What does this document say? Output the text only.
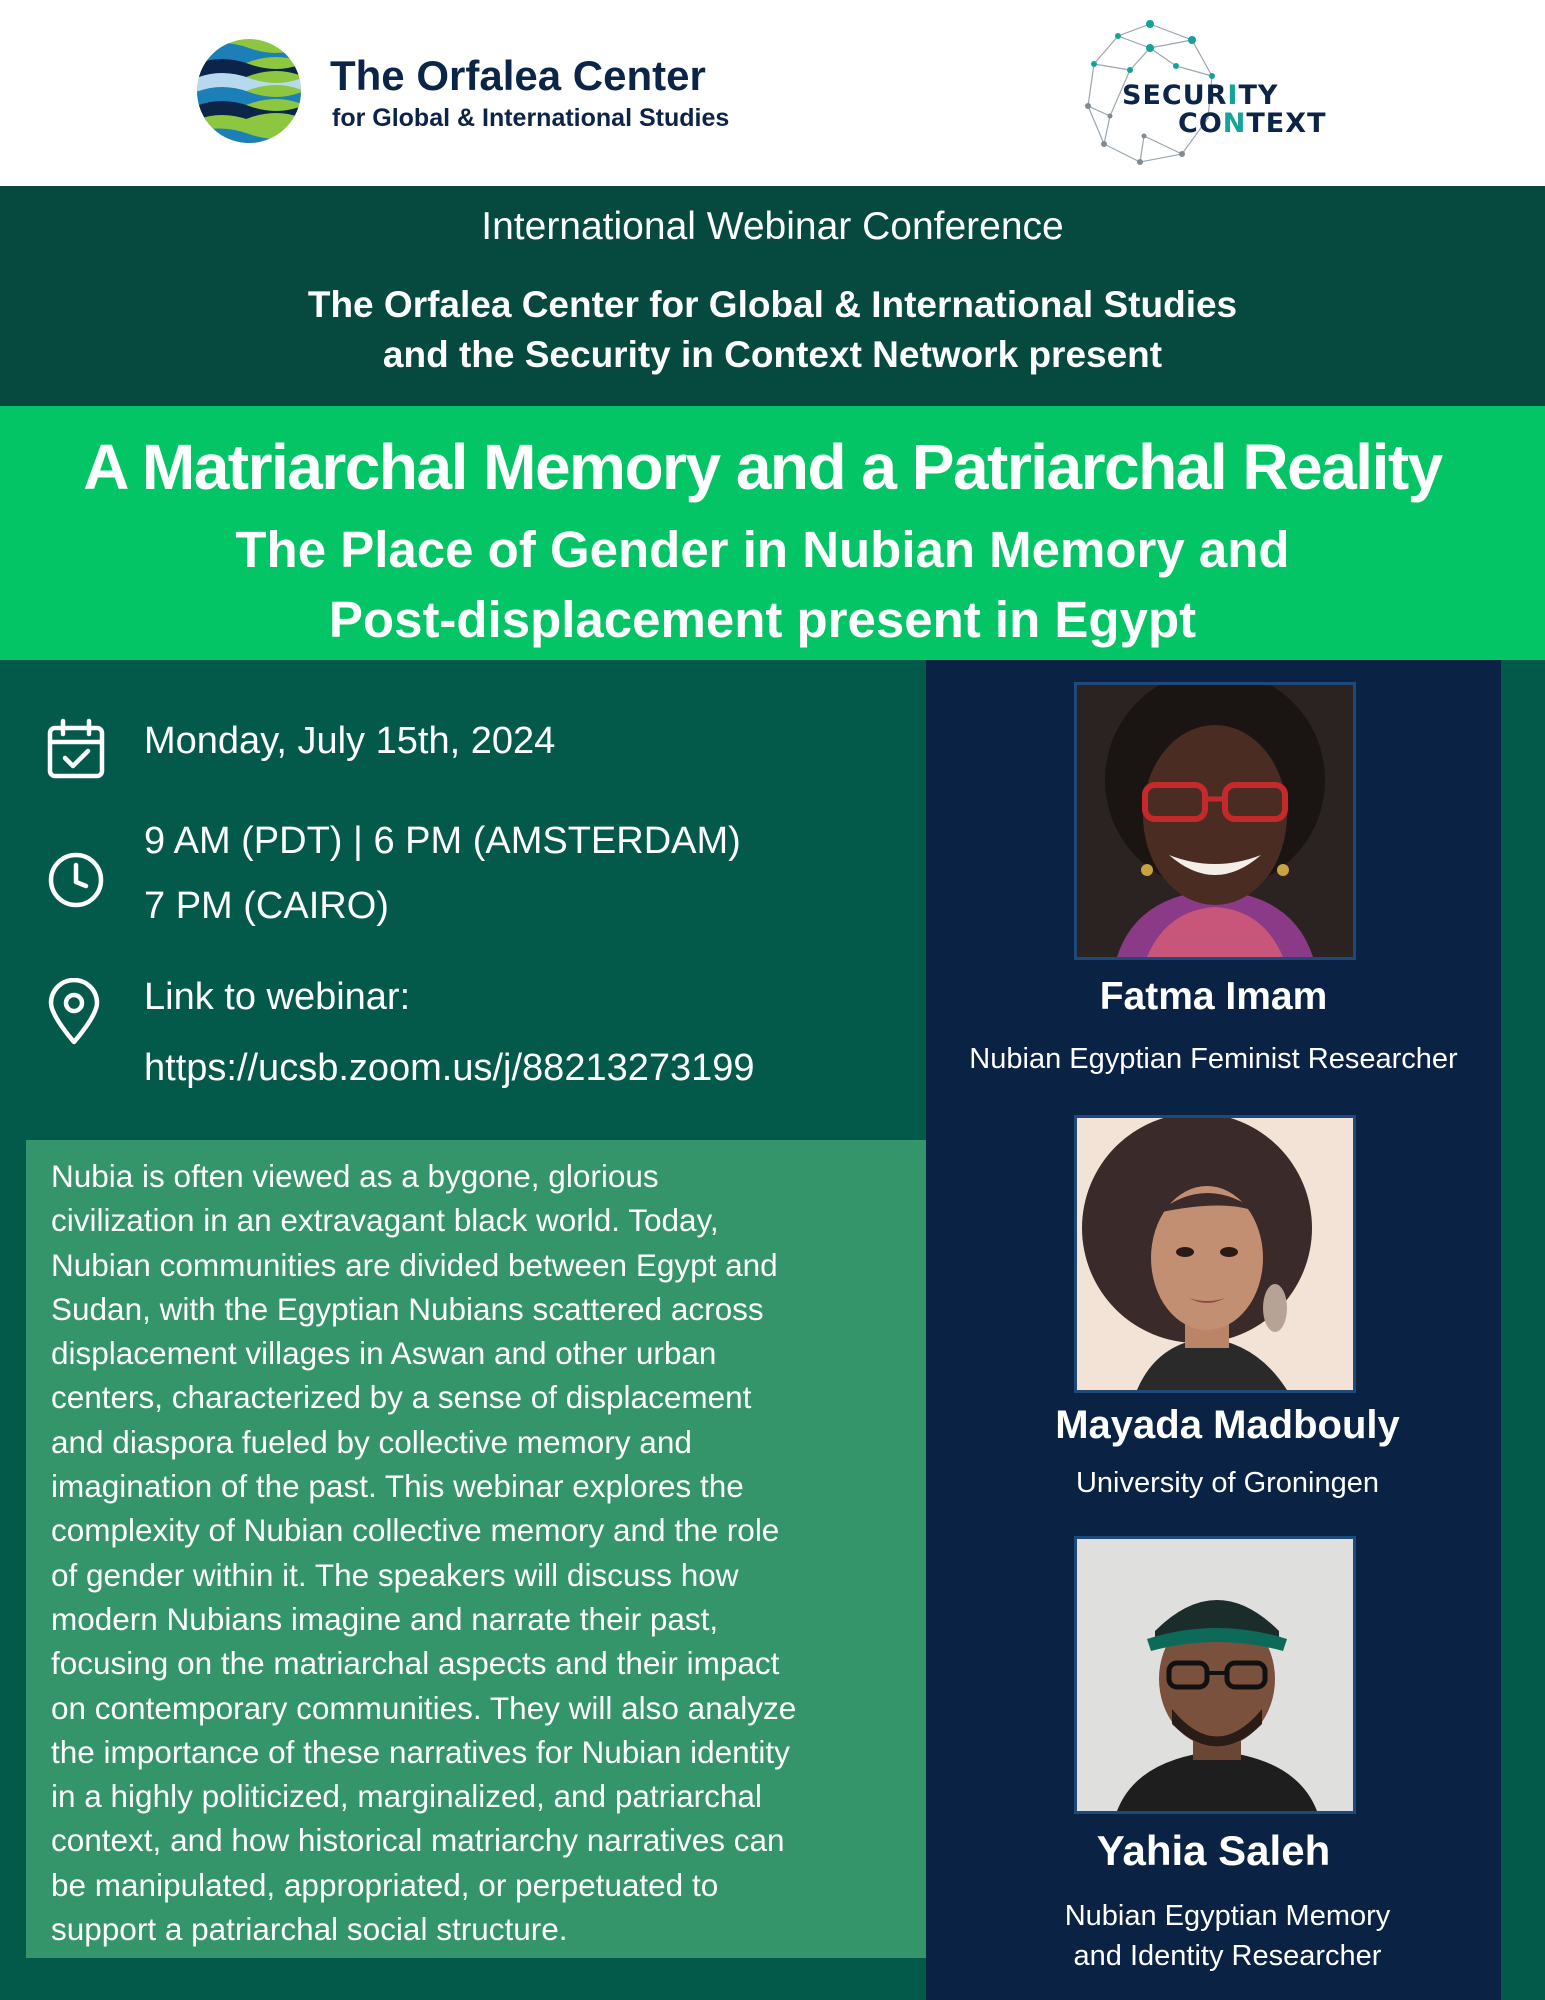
The Orfalea Center
for Global & International Studies
SECURITY
CONTEXT
International Webinar Conference
The Orfalea Center for Global & International Studies
and the Security in Context Network present
A Matriarchal Memory and a Patriarchal Reality
The Place of Gender in Nubian Memory and
Post-displacement present in Egypt
Monday, July 15th, 2024
9 AM (PDT) | 6 PM (AMSTERDAM)
7 PM (CAIRO)
Link to webinar:
https://ucsb.zoom.us/j/88213273199
Nubia is often viewed as a bygone, glorious
civilization in an extravagant black world. Today,
Nubian communities are divided between Egypt and
Sudan, with the Egyptian Nubians scattered across
displacement villages in Aswan and other urban
centers, characterized by a sense of displacement
and diaspora fueled by collective memory and
imagination of the past. This webinar explores the
complexity of Nubian collective memory and the role
of gender within it. The speakers will discuss how
modern Nubians imagine and narrate their past,
focusing on the matriarchal aspects and their impact
on contemporary communities. They will also analyze
the importance of these narratives for Nubian identity
in a highly politicized, marginalized, and patriarchal
context, and how historical matriarchy narratives can
be manipulated, appropriated, or perpetuated to
support a patriarchal social structure.
Fatma Imam
Nubian Egyptian Feminist Researcher
Mayada Madbouly
University of Groningen
Yahia Saleh
Nubian Egyptian Memory
and Identity Researcher
